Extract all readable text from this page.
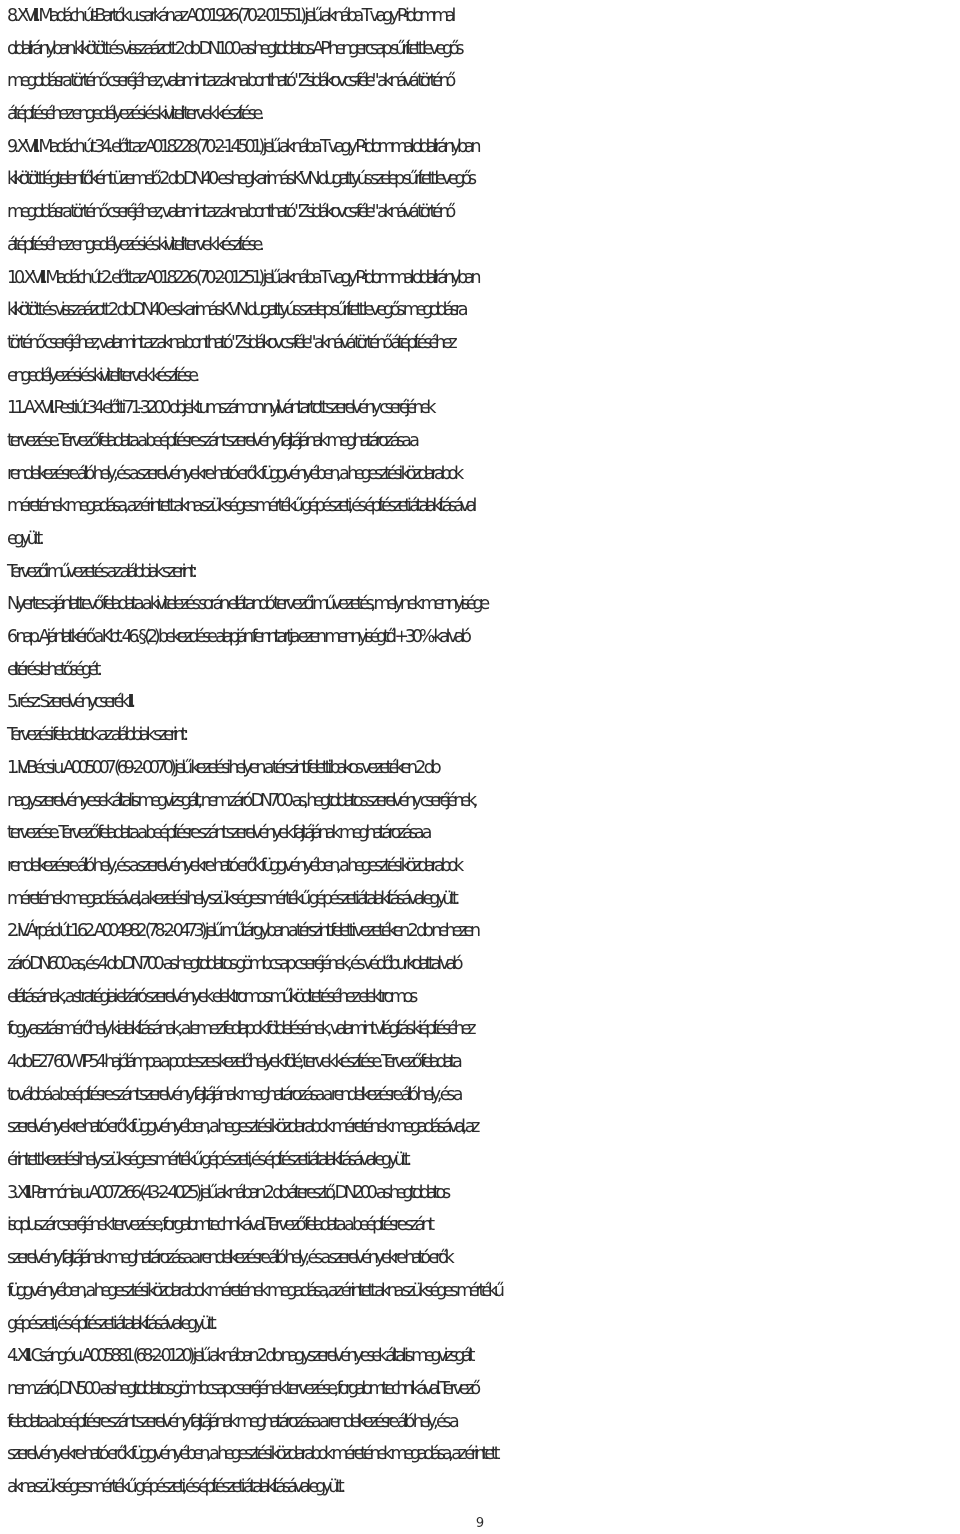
8. XVIII. Madách út-Bartók u. sarkán az A001926 (70-2-01551) jelű aknába T vagy P-idommal
oldalirányban kikötött és visszaázott 2 db DN100-as hegtoldatos AP hengercsap sűrített levegős
megoldásra történő cseréjéhez, valamint az akna bontható "Zsidákovcs-féle" aknává történő
átépítéséhez engedélyezési és kiviteli tervek készítése.
9. XVIII. Madách út 34. előtt az A018228 (70-2-14501) jelű aknába T vagy P-idommal oldalirányban
kikötött légtelenítőként üzemelő 2 db DN40-es hegkarimás KVN dugattyús szelep sűrített levegős
megoldásra történő cseréjéhez, valamint az akna bontható "Zsidákovcs-féle" aknává történő
átépítéséhez engedélyezési és kiviteli tervek készítése.
10. XVIII. Madách út 2. előtt az A018226 (70-2-01251) jelű aknába T vagy P-idommal oldalirányban
kikötött és visszaázott 2 db DN40-es karimás KVN dugattyús szelep sűrített levegős megoldásra
történő cseréjéhez, valamint az akna bontható "Zsidákovcs-féle" aknává történő átépítéséhez
engedélyezési és kiviteli tervek készítése.
11. A XVII. Pesti út 34 előtti 71-3200 objektumszámon nyilvántartott szerelvény cseréjének
tervezése. Tervező feladata a beépítésre szánt szerelvény fajtájának meghatározása a
rendelkezésre álló hely, és a szerelvényekre ható erők függvényében, a hegesztési közdarabok
méretének megadása, az érintett akna szükséges mértékű gépészeti, és építészeti átalakításával
együtt.
Tervezői művezetés az alábbiak szerint:
Nyertes ajánlattevő feladata a kivitelezés során ellátandó tervezői művezetés, melynek mennyisége
6 nap. Ajánlatkérő a Kbt. 46. § (2) bekezdése alapján fenntartja ezen mennyiségtől +30%-kal való
eltérés lehetőségét.
5. rész: Szerelvénycserék III.
Tervezési feladatok az alábbiak szerint:
1. IV. Bécsi u. A005007 (69-2-0070) jelű kezelési helyen a térszint feletti bakos vezetéken 2 db
nagyszerelvényesek által is megvizsgált, nem záró DN700-as, hegtoldatos szerelvény cseréjének,
tervezése. Tervező feladata a beépítésre szánt szerelvények fajtájának meghatározása a
rendelkezésre álló hely, és a szerelvényekre ható erők függvényében, a hegesztési közdarabok
méretének megadásával, a kezelési hely szükséges mértékű gépészeti átalakításával együtt.
2. IV. Árpád út 162. A004982 (78-2-0473) jelű műtárgyban a térszint feletti vezetéken 2 db nehezen
záró DN600-as, és 4 db DN700-as hegtoldatos gömbcsap cseréjének, és védőburkolattal való
ellátásának, a stratégiai elzáró szerelvények elektromos működtetéséhez elektromos
fogyasztásmérőhely kialakításának, a lemez fedlapok földelésének, valamint világítás kiépítéséhez
4 db E27 60W IP54 hajólámpa a podeszes kezelőhelyek fölé, tervek készítése. Tervező feladata
továbbá a beépítésre szánt szerelvény fajtájának meghatározása a rendelkezésre álló hely, és a
szerelvényekre ható erők függvényében, a hegesztési közdarabok méretének megadásával, az
érintett kezelési hely szükséges mértékű gépészeti, és építészeti átalakításával együtt.
3. XIII. Pannónia u. A007266 (43-2-4025) jelű aknában 2 db áteresztő, DN200-as hegtoldatos
isoplus zár cseréjének tervezése, forgalomtechnikával. Tervező feladata a beépítésre szánt
szerelvény fajtájának meghatározása a rendelkezésre álló hely, és a szerelvényekre ható erők
függvényében, a hegesztési közdarabok méretének megadása, az érintett akna szükséges mértékű
gépészeti, és építészeti átalakításával együtt.
4. XIII. Csángó u. A005881 (68-2-0120) jelű aknában 2 db nagyszerelvényesek által is megvizsgált
nem záró, DN500-as hegtoldatos gömbcsap cseréjének tervezése, forgalomtechnikával. Tervező
feladata a beépítésre szánt szerelvény fajtájának meghatározása a rendelkezésre álló hely, és a
szerelvényekre ható erők függvényében, a hegesztési közdarabok méretének megadása, az érintett
akna szükséges mértékű gépészeti, és építészeti átalakításával együtt.
9
